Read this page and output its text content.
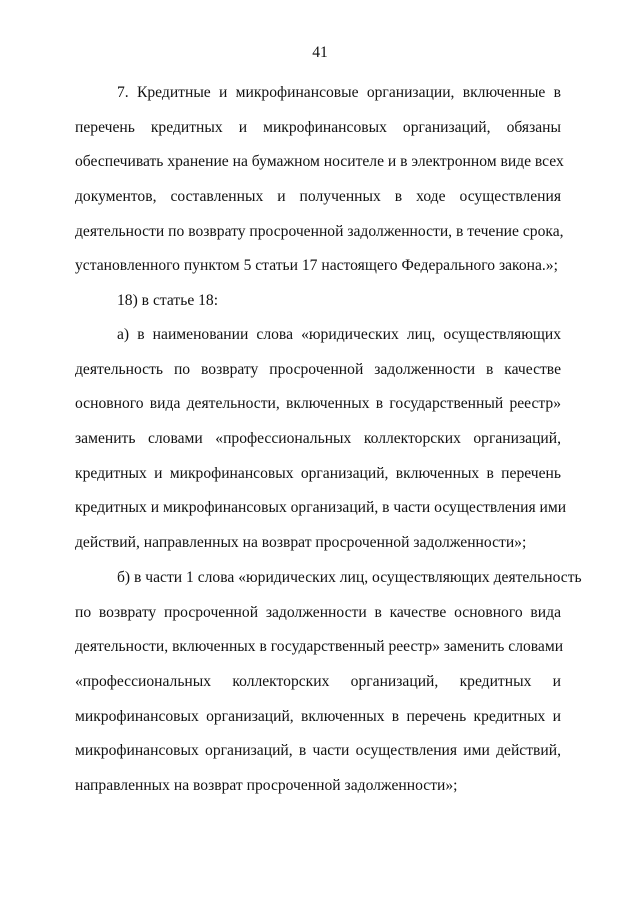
41
7. Кредитные и микрофинансовые организации, включенные в
перечень кредитных и микрофинансовых организаций, обязаны
обеспечивать хранение на бумажном носителе и в электронном виде всех
документов, составленных и полученных в ходе осуществления
деятельности по возврату просроченной задолженности, в течение срока,
установленного пунктом 5 статьи 17 настоящего Федерального закона.»;
18) в статье 18:
а) в наименовании слова «юридических лиц, осуществляющих
деятельность по возврату просроченной задолженности в качестве
основного вида деятельности, включенных в государственный реестр»
заменить словами «профессиональных коллекторских организаций,
кредитных и микрофинансовых организаций, включенных в перечень
кредитных и микрофинансовых организаций, в части осуществления ими
действий, направленных на возврат просроченной задолженности»;
б) в части 1 слова «юридических лиц, осуществляющих деятельность
по возврату просроченной задолженности в качестве основного вида
деятельности, включенных в государственный реестр» заменить словами
«профессиональных коллекторских организаций, кредитных и
микрофинансовых организаций, включенных в перечень кредитных и
микрофинансовых организаций, в части осуществления ими действий,
направленных на возврат просроченной задолженности»;
